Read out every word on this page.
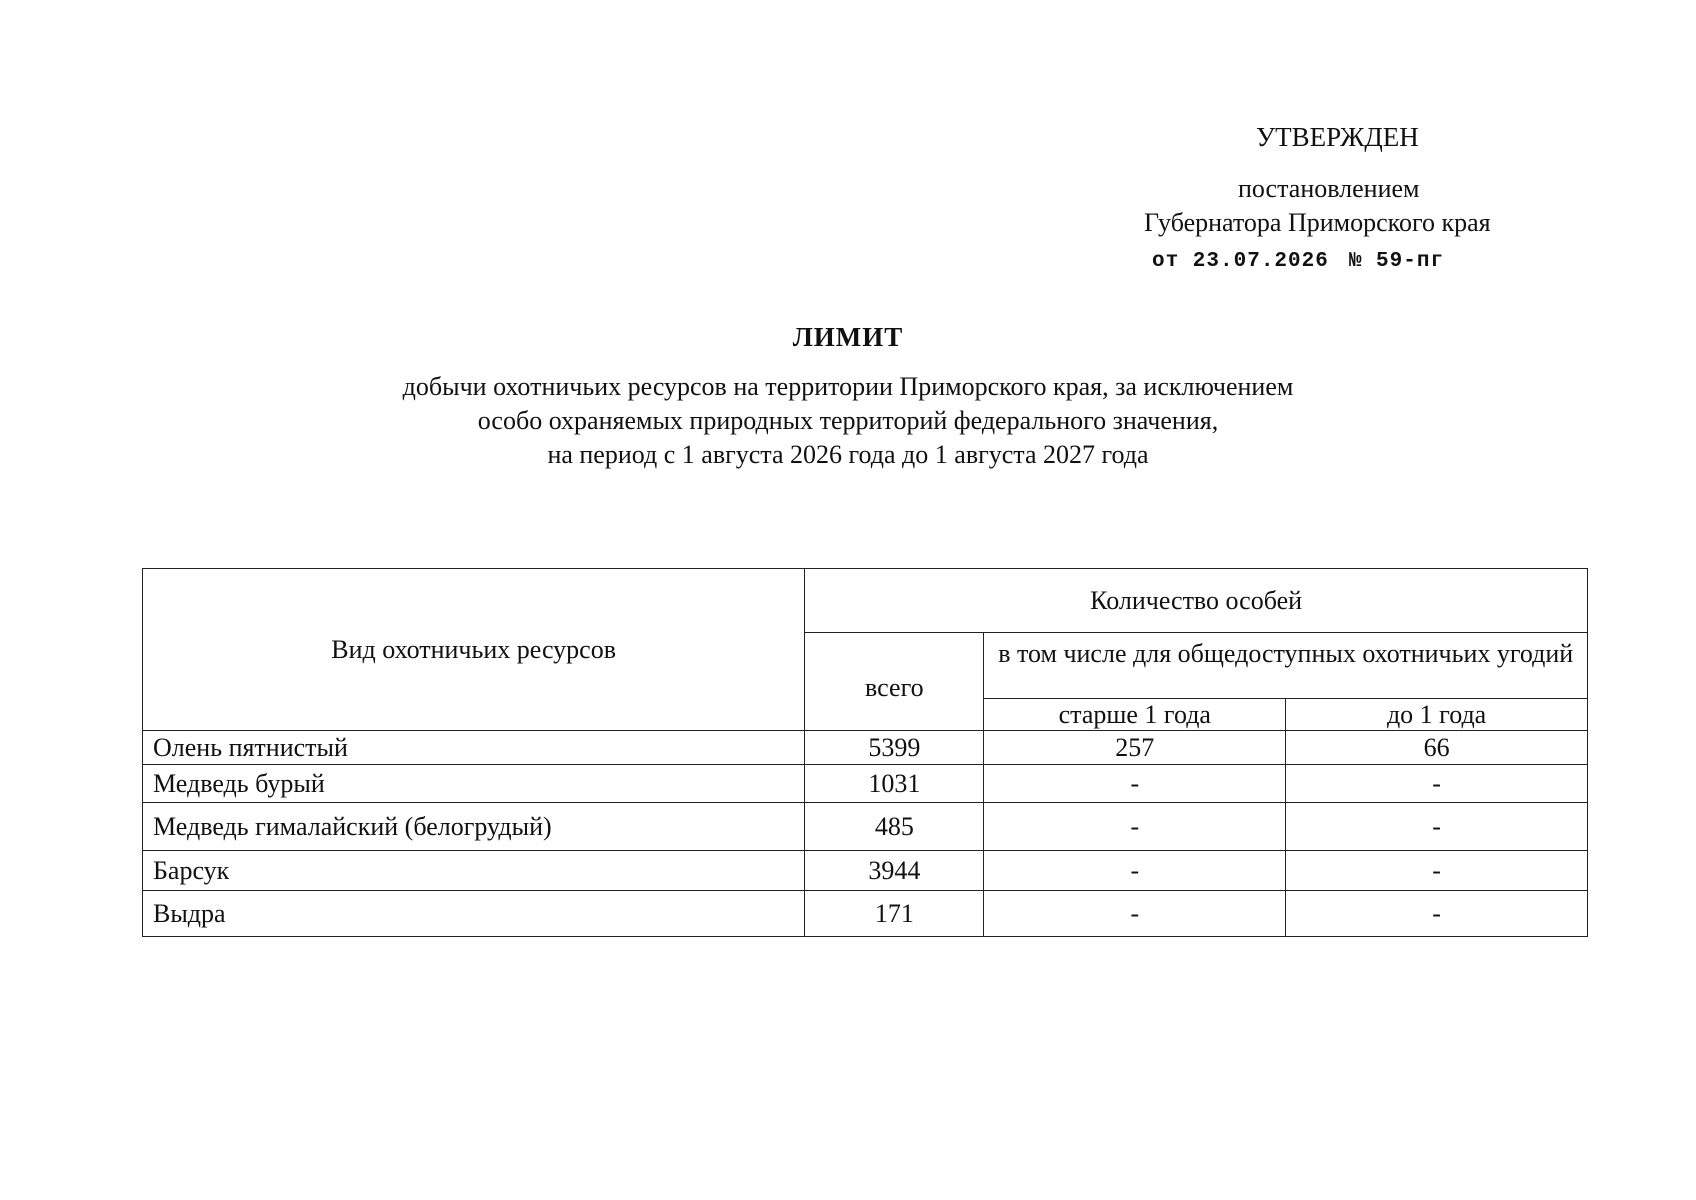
УТВЕРЖДЕН
постановлением
Губернатора Приморского края
от 23.07.2026 № 59-пг
ЛИМИТ
добычи охотничьих ресурсов на территории Приморского края, за исключением
особо охраняемых природных территорий федерального значения,
на период с 1 августа 2026 года до 1 августа 2027 года
Вид охотничьих ресурсов	Количество особей		
	всего	в том числе для общедоступных охотничьих угодий	
		старше 1 года	до 1 года
Олень пятнистый	5399	257	66
Медведь бурый	1031	-	-
Медведь гималайский (белогрудый)	485	-	-
Барсук	3944	-	-
Выдра	171	-	-
